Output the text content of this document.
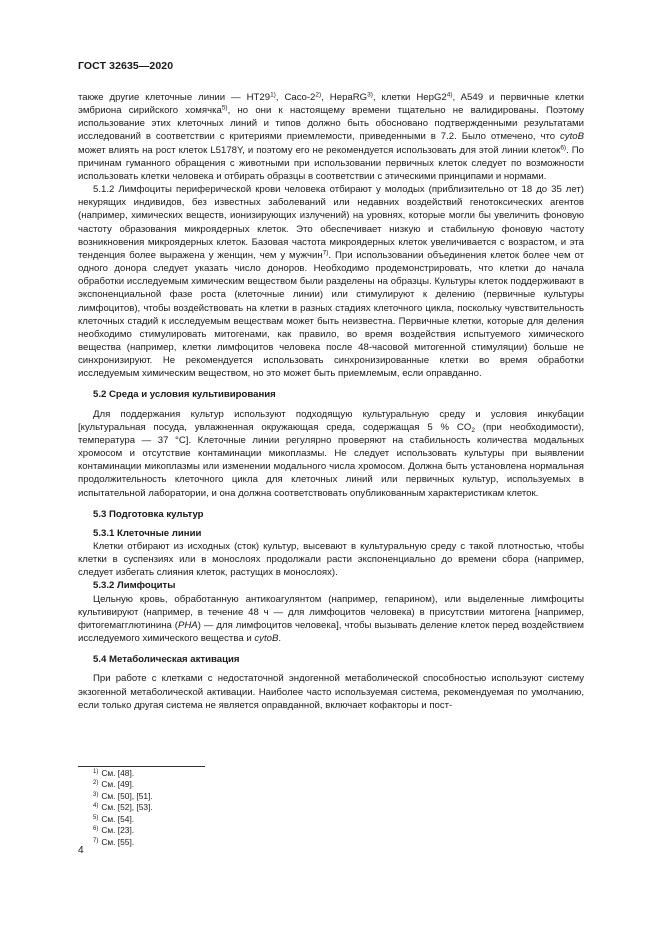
ГОСТ 32635—2020

также другие клеточные линии — HT29$^{1)}$, Caco-2$^{2)}$, HepaRG$^{3)}$, клетки HepG2$^{4)}$, A549 и первичные клетки эмбриона сирийского хомячка$^{5)}$, но они к настоящему времени тщательно не валидированы. Поэтому использование этих клеточных линий и типов должно быть обосновано подтвержденными результатами исследований в соответствии с критериями приемлемости, приведенными в 7.2. Было отмечено, что cytoB может влиять на рост клеток L5178Y, и поэтому его не рекомендуется использовать для этой линии клеток$^{6)}$. По причинам гуманного обращения с животными при использовании первичных клеток следует по возможности использовать клетки человека и отбирать образцы в соответствии с этическими принципами и нормами.

5.1.2 Лимфоциты периферической крови человека отбирают у молодых (приблизительно от 18 до 35 лет) некурящих индивидов, без известных заболеваний или недавних воздействий генотоксических агентов (например, химических веществ, ионизирующих излучений) на уровнях, которые могли бы увеличить фоновую частоту образования микроядерных клеток. Это обеспечивает низкую и стабильную фоновую частоту возникновения микроядерных клеток. Базовая частота микроядерных клеток увеличивается с возрастом, и эта тенденция более выражена у женщин, чем у мужчин$^{7)}$. При использовании объединения клеток более чем от одного донора следует указать число доноров. Необходимо продемонстрировать, что клетки до начала обработки исследуемым химическим веществом были разделены на образцы. Культуры клеток поддерживают в экспоненциальной фазе роста (клеточные линии) или стимулируют к делению (первичные культуры лимфоцитов), чтобы воздействовать на клетки в разных стадиях клеточного цикла, поскольку чувствительность клеточных стадий к исследуемым веществам может быть неизвестна. Первичные клетки, которые для деления необходимо стимулировать митогенами, как правило, во время воздействия испытуемого химического вещества (например, клетки лимфоцитов человека после 48-часовой митогенной стимуляции) больше не синхронизируют. Не рекомендуется использовать синхронизированные клетки во время обработки исследуемым химическим веществом, но это может быть приемлемым, если оправданно.

5.2 Среда и условия культивирования

Для поддержания культур используют подходящую культуральную среду и условия инкубации [культуральная посуда, увлажненная окружающая среда, содержащая 5 % $CO_2$ (при необходимости), температура — 37 °C]. Клеточные линии регулярно проверяют на стабильность количества модальных хромосом и отсутствие контаминации микоплазмы. Не следует использовать культуры при выявлении контаминации микоплазмы или изменении модального числа хромосом. Должна быть установлена нормальная продолжительность клеточного цикла для клеточных линий или первичных культур, используемых в испытательной лаборатории, и она должна соответствовать опубликованным характеристикам клеток.

5.3 Подготовка культур
5.3.1 Клеточные линии

Клетки отбирают из исходных (сток) культур, высевают в культуральную среду с такой плотностью, чтобы клетки в суспензиях или в монослоях продолжали расти экспоненциально до времени сбора (например, следует избегать слияния клеток, растущих в монослоях).

5.3.2 Лимфоциты

Цельную кровь, обработанную антикоагулянтом (например, гепарином), или выделенные лимфоциты культивируют (например, в течение 48 ч — для лимфоцитов человека) в присутствии митогена [например, фитогемагглютинина (PHA) — для лимфоцитов человека], чтобы вызывать деление клеток перед воздействием исследуемого химического вещества и cytoB.

5.4 Метаболическая активация

При работе с клетками с недостаточной эндогенной метаболической способностью используют систему экзогенной метаболической активации. Наиболее часто используемая система, рекомендуемая по умолчанию, если только другая система не является оправданной, включает кофакторы и пост-

$^{1)}$ См. [48].
$^{2)}$ См. [49].
$^{3)}$ См. [50], [51].
$^{4)}$ См. [52], [53].
$^{5)}$ См. [54].
$^{6)}$ См. [23].
$^{7)}$ См. [55].
4
